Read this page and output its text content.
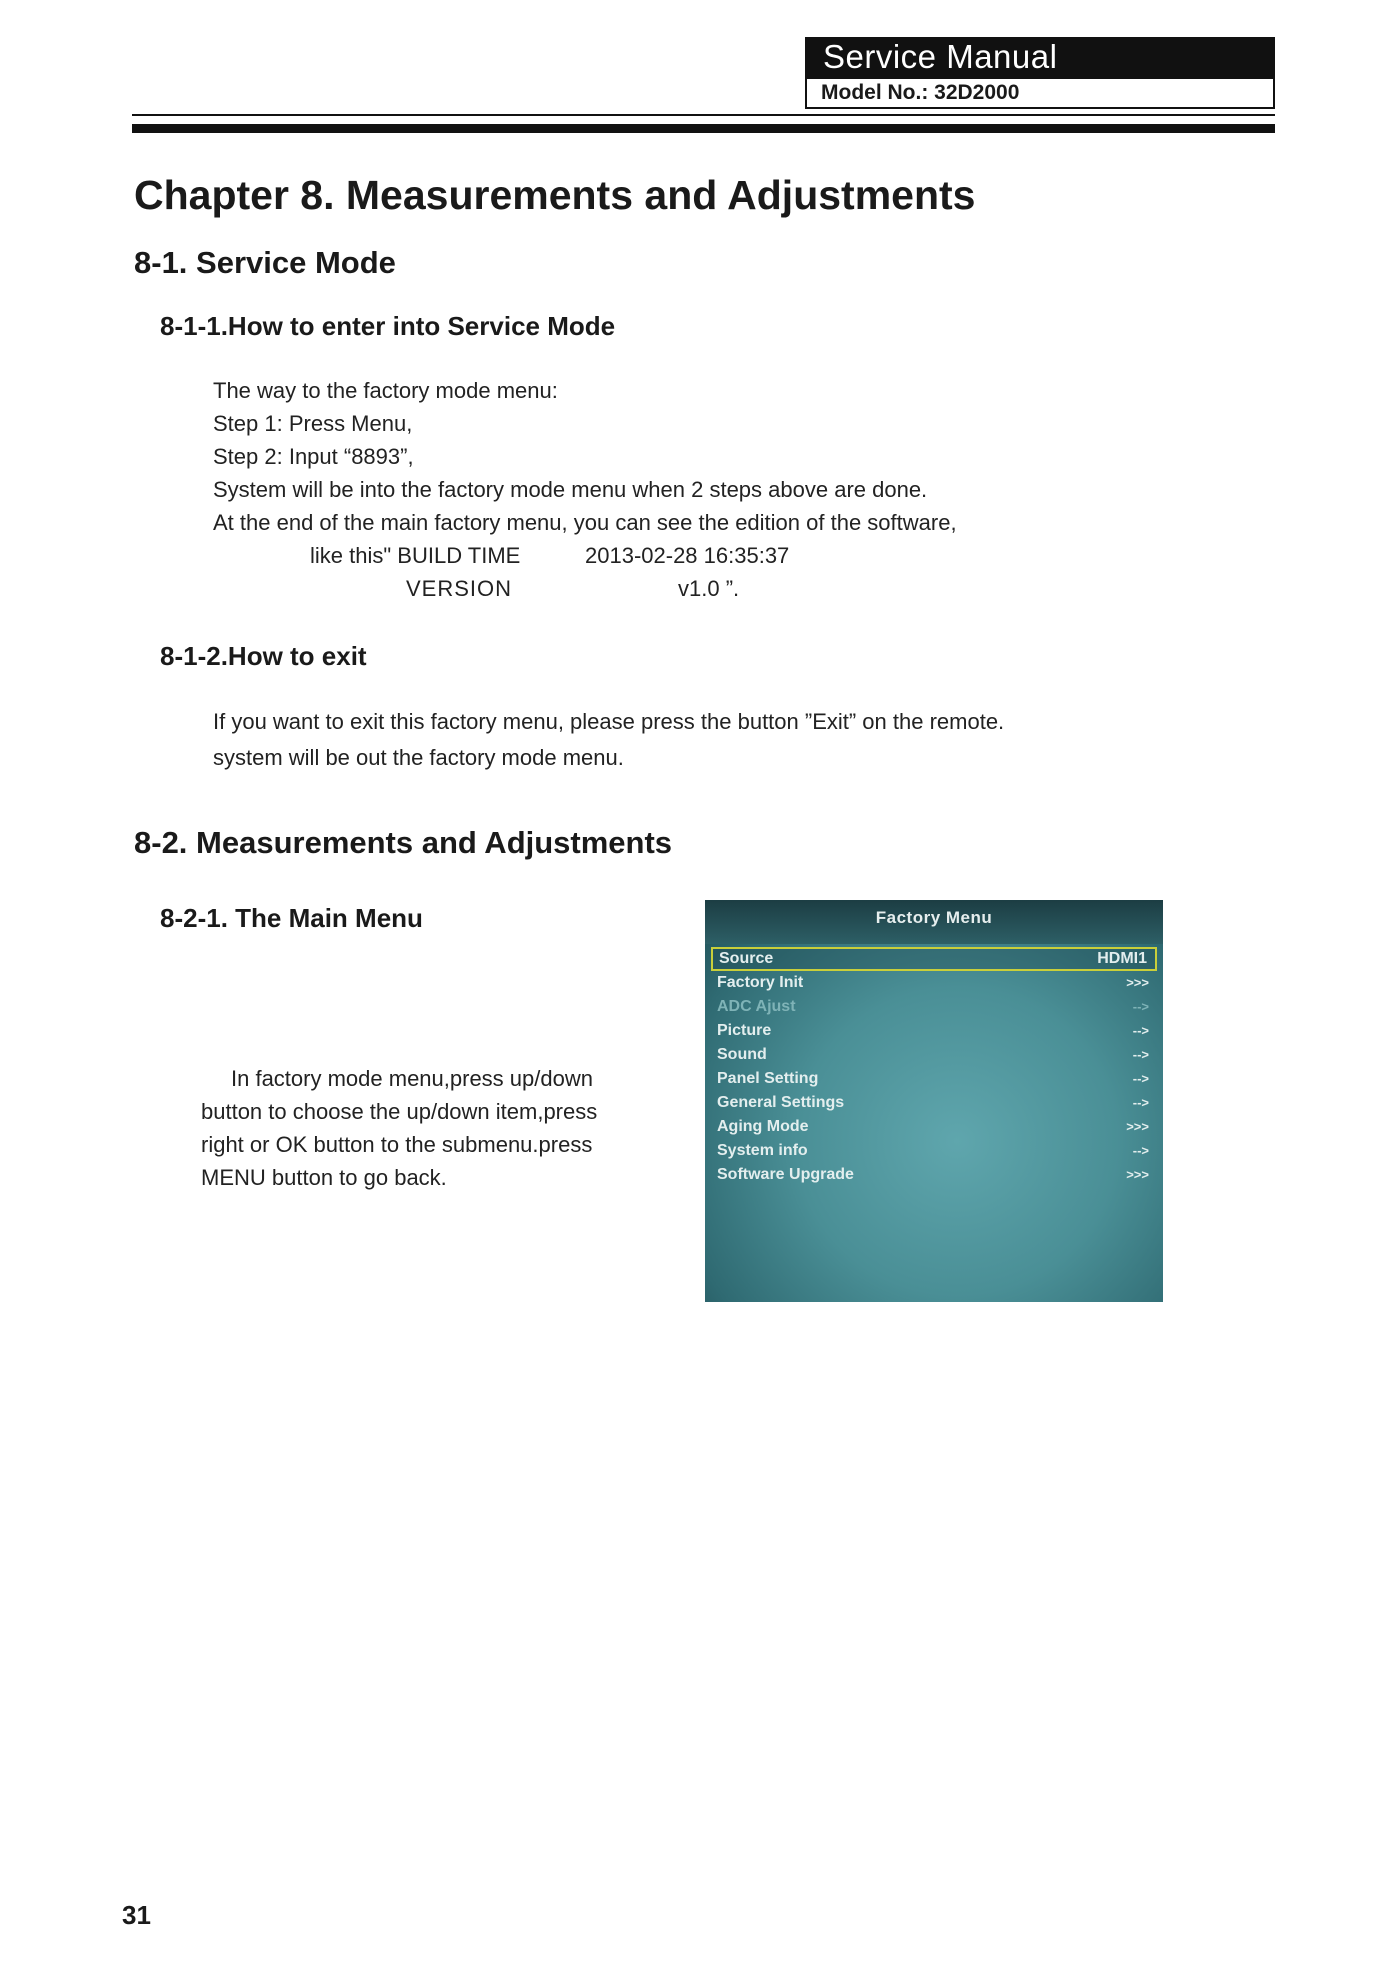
Service Manual
Model No.: 32D2000
Chapter 8. Measurements and Adjustments
8-1. Service Mode
8-1-1.How to enter into Service Mode
The way to the factory mode menu:
Step 1: Press Menu,
Step 2: Input “8893”,
System will be into the factory mode menu when 2 steps above are done.
At the end of the main factory menu, you can see the edition of the software,
like this" BUILD TIME	2013-02-28 16:35:37
VERSION	v1.0 ”.
8-1-2.How to exit
If you want to exit this factory menu, please press the button ”Exit” on the remote.
system will be out the factory mode menu.
8-2. Measurements and Adjustments
8-2-1. The Main Menu
In factory mode menu,press up/down
button to choose the up/down item,press
right or OK button to the submenu.press
MENU button to go back.
Factory Menu
Source	HDMI1
Factory Init	>>>
ADC Ajust	-->
Picture	-->
Sound	-->
Panel Setting	-->
General Settings	-->
Aging Mode	>>>
System info	-->
Software Upgrade	>>>
31
